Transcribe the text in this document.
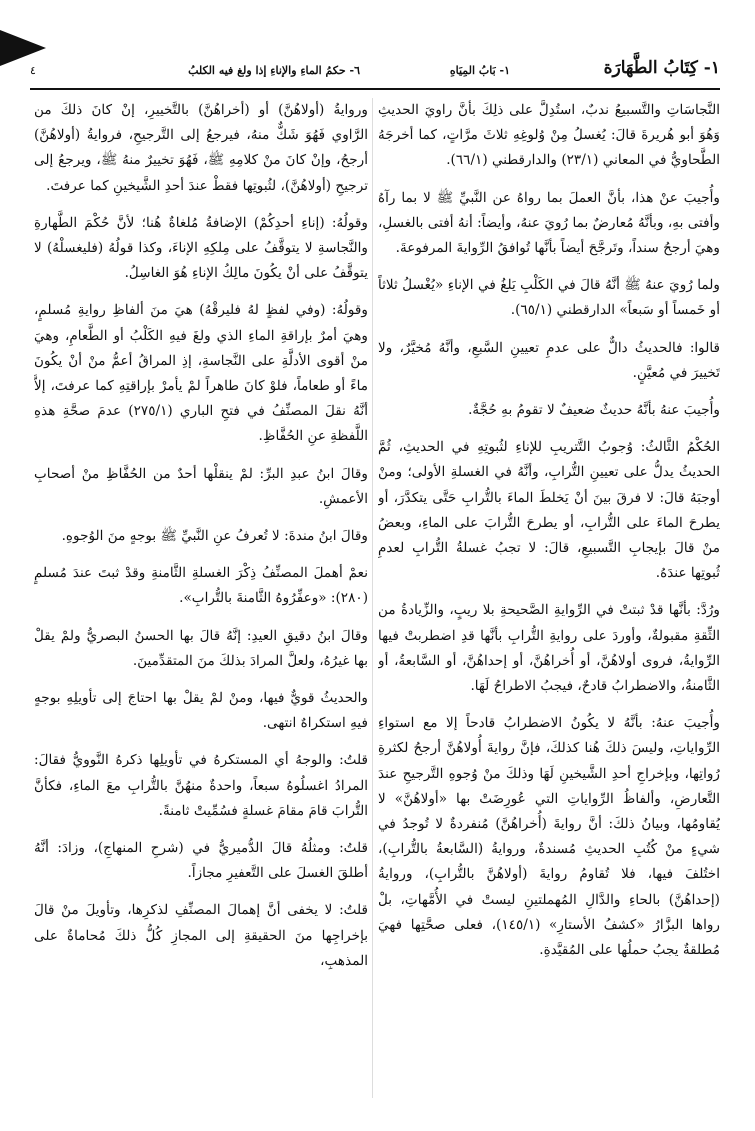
١- كِتَابُ الطَّهَارَة
١- بَابُ المِيَاهِ
٦- حكمُ الماءِ والإناءِ إذا ولغ فيه الكلبُ
٤

النَّجاسَاتِ والتَّسبيعُ ندبٌ، استُدِلَّ على ذلِكَ بأنَّ راويَ الحديثِ وَهُوَ أبو هُريرةَ قالَ: يُغسلُ مِنْ وُلوغِهِ ثلاثَ مرَّاتٍ، كما أخرجَهُ الطَّحاويُّ في المعاني (٢٣/١) والدارقطني (٦٦/١).

وأُجيبَ عنْ هذا، بأنَّ العملَ بما رواهُ عن النَّبيِّ ﷺ لا بما رآهُ وأفتى بهِ، وبأنَّهُ مُعارضٌ بما رُويَ عنهُ، وأيضاً: أنهُ أفتى بالغسلِ، وهيَ أرجحُ سنداً، وتَرجَّحَ أيضاً بأنَّها تُوافقُ الرِّوايةَ المرفوعةَ.

ولما رُويَ عنهُ ﷺ أنَّهُ قالَ في الكَلْبِ يَلغُ في الإناءِ «يُغْسلُ ثلاثاً أو خَمساً أو سَبعاً» الدارقطني (٦٥/١).

قالوا: فالحديثُ دالٌّ على عدمِ تعيينِ السَّبعِ، وأنَّهُ مُخيَّرٌ، ولا تَخييرَ في مُعيَّنٍ.

وأُجيبَ عنهُ بأنَّهُ حديثٌ ضعيفٌ لا تقومُ بهِ حُجَّةٌ.

الحُكْمُ الثَّالثُ: وُجوبُ التَّتريبِ للإناءِ لثُبوتِهِ في الحديثِ، ثُمَّ الحديثُ يدلُّ على تعيينِ التُّرابِ، وأنَّهُ في الغسلةِ الأولى؛ ومنْ أوجبَهُ قالَ: لا فرقَ بينَ أنْ يَخلطَ الماءَ بالتُّرابِ حَتَّى يتكدَّرَ، أو يطرحَ الماءَ على التُّرابِ، أو يطرحَ التُّرابَ على الماءِ، وبعضُ منْ قالَ بإيجابِ التَّسبيعِ، قالَ: لا تجبُ غسلةُ التُّرابِ لعدمِ ثُبوتِها عندَهُ.

ورُدَّ: بأنَّها قدْ ثبتتْ في الرِّوايةِ الصَّحيحةِ بلا ريبٍ، والزِّيادةُ من الثِّقةِ مقبولةٌ، وأوردَ على روايةِ التُّرابِ بأنَّها قدِ اضطربتْ فيها الرِّوايةُ، فروى أولاهُنَّ، أو أُخراهُنَّ، أو إحداهُنَّ، أو السَّابعةُ، أو الثَّامنةُ، والاضطرابُ قادحٌ، فيجبُ الاطراحُ لَهَا.

وأُجيبَ عنهُ: بأنَّهُ لا يكُونُ الاضطرابُ قادحاً إلا مع استواءِ الرِّواياتِ، وليسَ ذلكَ هُنا كذلكَ، فإنَّ روايةَ أُولاهُنَّ أرجحُ لكثرةِ رُواتِها، وبإخراجِ أحدِ الشَّيخينِ لَهَا وذلكَ منْ وُجوهِ التَّرجيحِ عندَ التَّعارضِ، وألفاظُ الرِّواياتِ التي عُورِضَتْ بها «أولاهُنَّ» لا يُقاومُها، وبيانُ ذلكَ: أنَّ روايةَ (أُخراهُنَّ) مُنفردةٌ لا تُوجدُ في شيءٍ منْ كُتُبِ الحديثِ مُسندةٌ، وروايةُ (السَّابعةُ بالتُّرابِ)، اختُلفَ فيها، فلا تُقاومُ روايةَ (أولاهُنَّ بالتُّرابِ)، وروايةُ (إحداهُنَّ) بالحاءِ والدَّالِ المُهملتينِ ليستْ في الأُمَّهاتِ، بلْ رواها البزَّارُ «كشفُ الأستارِ» (١٤٥/١)، فعلى صحَّتِها فهيَ مُطلقةٌ يجبُ حملُها على المُقيَّدةِ.

وروايةُ (أولاهُنَّ) أو (أخراهُنَّ) بالتَّخييرِ، إنْ كانَ ذلكَ من الرَّاوي فَهُوَ شَكٌّ منهُ، فيرجعُ إلى التَّرجيحِ، فروايةُ (أولاهُنَّ) أرجحُ، وإنْ كانَ منْ كلامِهِ ﷺ، فَهُوَ تخييرٌ منهُ ﷺ، ويرجعُ إلى ترجيحِ (أولاهُنَّ)، لثُبوتِها فقطْ عندَ أحدِ الشَّيخينِ كما عرفتَ.

وقولُهُ: (إناءِ أحدِكُمْ) الإضافةُ مُلغاةٌ هُنا؛ لأنَّ حُكْمَ الطَّهارةِ والنَّجاسةِ لا يتوقَّفُ على مِلكِهِ الإناءَ، وكذا قولُهُ (فليغسلْهُ) لا يتوقَّفُ على أنْ يكُونَ مالِكُ الإناءِ هُوَ الغاسِلُ.

وقولُهُ: (وفي لفظٍ لهُ فليرقْهُ) هيَ منَ ألفاظِ روايةِ مُسلمٍ، وهيَ أمرٌ بإراقةِ الماءِ الذي ولغَ فيهِ الكَلْبُ أو الطَّعامِ، وهيَ منْ أقوى الأدلَّةِ على النَّجاسةِ، إذِ المراقُ أعمُّ منْ أنْ يكُونَ ماءً أو طعاماً، فلوْ كانَ طاهراً لمْ يأمرْ بإراقتِهِ كما عرفتَ، إلاَّ أنَّهُ نقلَ المصنِّفُ في فتحِ الباري (٢٧٥/١) عدمَ صحَّةِ هذهِ اللَّفظةِ عنِ الحُفَّاظِ.

وقالَ ابنُ عبدِ البرِّ: لمْ ينقلْها أحدٌ من الحُفَّاظِ منْ أصحابِ الأعمشِ.

وقالَ ابنُ مندةَ: لا تُعرفُ عنِ النَّبيِّ ﷺ بوجهٍ منَ الوُجوهِ.

نعمْ أهملَ المصنِّفُ ذِكْرَ الغسلةِ الثَّامنةِ وقدْ ثبتَ عندَ مُسلمٍ (٢٨٠): «وعفِّرُوهُ الثَّامنةَ بالتُّرابِ».

وقالَ ابنُ دقيقِ العيدِ: إنَّهُ قالَ بها الحسنُ البصريُّ ولمْ يقلْ بها غيرُهُ، ولعلَّ المرادَ بذلكَ منَ المتقدِّمينَ.

والحديثُ قويٌّ فيها، ومنْ لمْ يقلْ بها احتاجَ إلى تأويلِهِ بوجهٍ فيهِ استكراهٌ انتهى.

قلتُ: والوجهُ أي المستكرهُ في تأويلِها ذكرهُ النَّوويُّ فقالَ: المرادُ اغسلُوهُ سبعاً، واحدةٌ منهُنَّ بالتُّرابِ معَ الماءِ، فكأنَّ التُّرابَ قامَ مقامَ غسلةٍ فسُمِّيتْ ثامنةً.

قلتُ: ومثلُهُ قالَ الدُّميريُّ في (شرحِ المنهاجِ)، وزادَ: أنَّهُ أطلقَ الغسلَ على التَّعفيرِ مجازاً.

قلتُ: لا يخفى أنَّ إهمالَ المصنِّفِ لذكرِها، وتأويلَ منْ قالَ بإخراجِها منَ الحقيقةِ إلى المجازِ كُلُّ ذلكَ مُحاماةٌ على المذهبِ،
